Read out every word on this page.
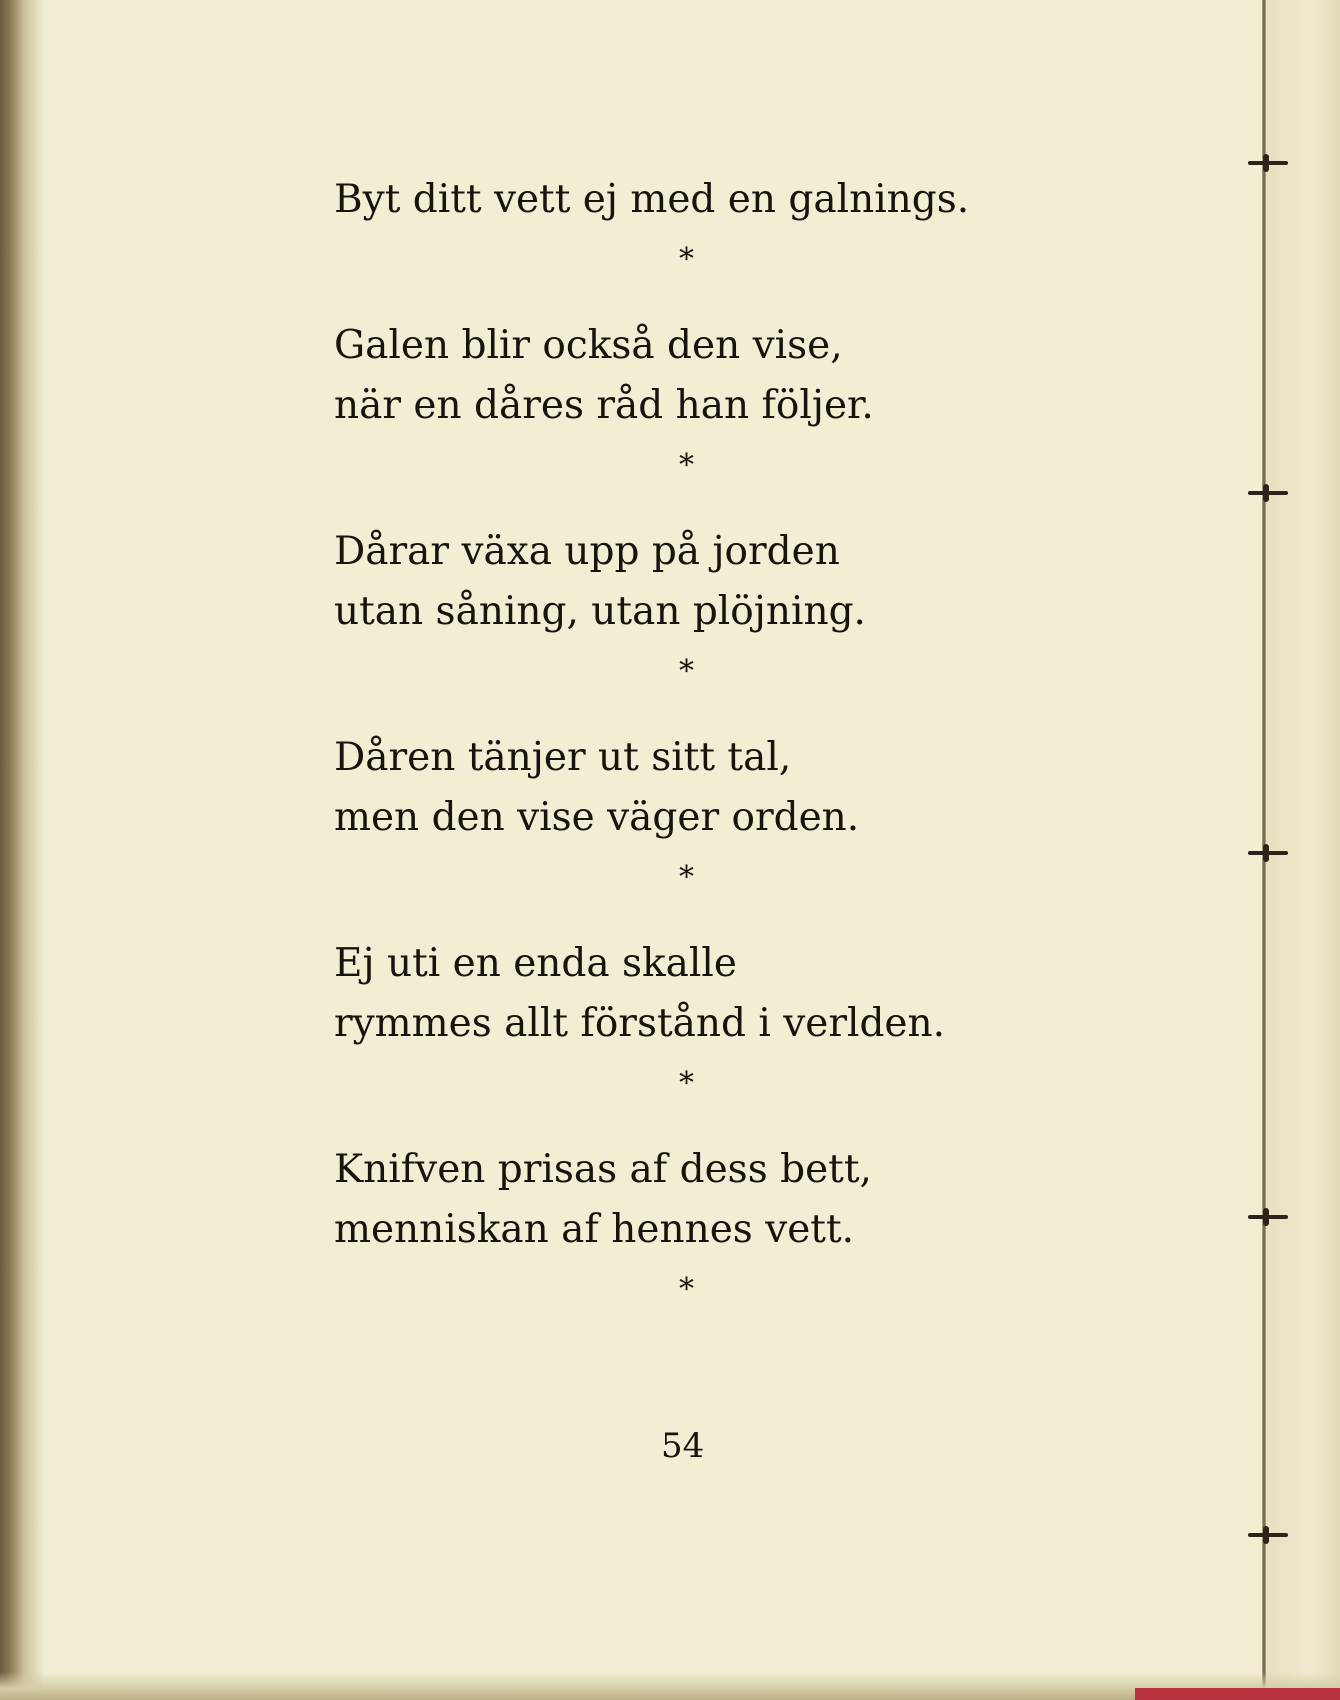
Byt ditt vett ej med en galnings.
*
Galen blir också den vise,
när en dåres råd han följer.
*
Dårar växa upp på jorden
utan såning, utan plöjning.
*
Dåren tänjer ut sitt tal,
men den vise väger orden.
*
Ej uti en enda skalle
rymmes allt förstånd i verlden.
*
Knifven prisas af dess bett,
menniskan af hennes vett.
*
54
